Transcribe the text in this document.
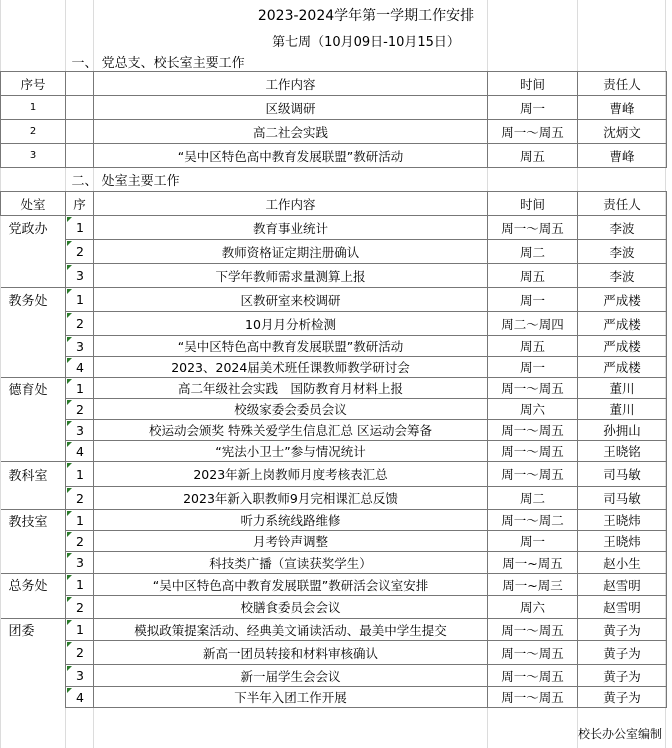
	2023-2024学年第一学期工作安排			
	第七周（10月09日-10月15日）			
	一、 党总支、校长室主要工作			
序号		工作内容	时间	责任人
1		区级调研	周一	曹峰
2		高二社会实践	周一～周五	沈炳文
3		“吴中区特色高中教育发展联盟”教研活动	周五	曹峰
	二、 处室主要工作			
处室	序	工作内容	时间	责任人
党政办	1	教育事业统计	周一～周五	李波
	2	教师资格证定期注册确认	周二	李波
	3	下学年教师需求量测算上报	周五	李波
教务处	1	区教研室来校调研	周一	严成楼
	2	10月月分析检测	周二～周四	严成楼
	3	“吴中区特色高中教育发展联盟”教研活动	周五	严成楼
	4	2023、2024届美术班任课教师教学研讨会	周一	严成楼
德育处	1	高二年级社会实践　国防教育月材料上报	周一～周五	董川
	2	校级家委会委员会议	周六	董川
	3	校运动会颁奖 特殊关爱学生信息汇总 区运动会筹备	周一～周五	孙拥山
	4	“宪法小卫士”参与情况统计	周一～周五	王晓铭
教科室	1	2023年新上岗教师月度考核表汇总	周一～周五	司马敏
	2	2023年新入职教师9月完相课汇总反馈	周二	司马敏
教技室	1	听力系统线路维修	周一～周二	王晓炜
	2	月考铃声调整	周一	王晓炜
	3	科技类广播（宣读获奖学生）	周一~周五	赵小生
总务处	1	“吴中区特色高中教育发展联盟”教研活会议室安排	周一~周三	赵雪明
	2	校膳食委员会会议	周六	赵雪明
团委	1	模拟政策提案活动、经典美文诵读活动、最美中学生提交	周一～周五	黄子为
	2	新高一团员转接和材料审核确认	周一～周五	黄子为
	3	新一届学生会会议	周一～周五	黄子为
	4	下半年入团工作开展	周一～周五	黄子为
校长办公室编制
